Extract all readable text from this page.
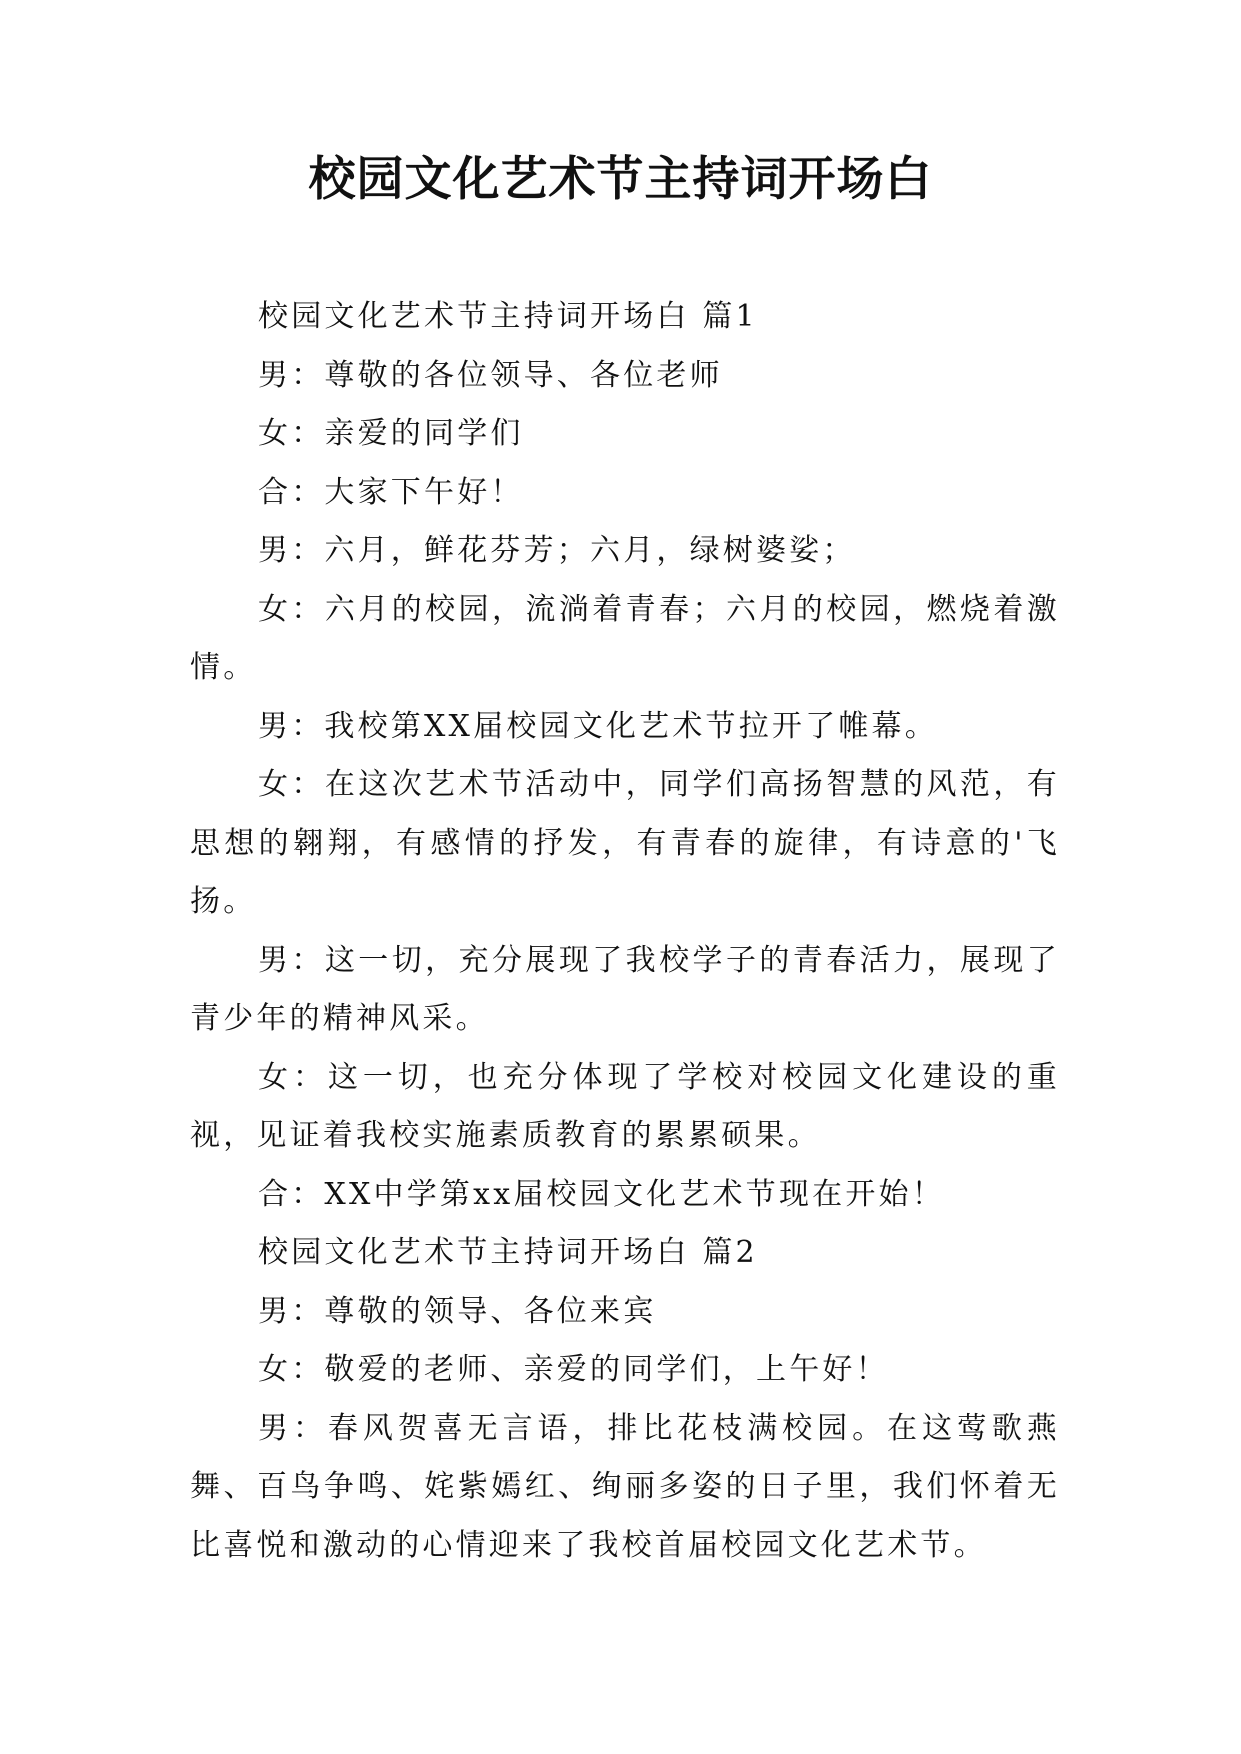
校园文化艺术节主持词开场白

校园文化艺术节主持词开场白 篇1

男：尊敬的各位领导、各位老师

女：亲爱的同学们

合：大家下午好！

男：六月，鲜花芬芳；六月，绿树婆娑；

女：六月的校园，流淌着青春；六月的校园，燃烧着激情。

男：我校第XX届校园文化艺术节拉开了帷幕。

女：在这次艺术节活动中，同学们高扬智慧的风范，有思想的翱翔，有感情的抒发，有青春的旋律，有诗意的'飞扬。

男：这一切，充分展现了我校学子的青春活力，展现了青少年的精神风采。

女：这一切，也充分体现了学校对校园文化建设的重视，见证着我校实施素质教育的累累硕果。

合：XX中学第xx届校园文化艺术节现在开始！

校园文化艺术节主持词开场白 篇2

男：尊敬的领导、各位来宾

女：敬爱的老师、亲爱的同学们，上午好！

男：春风贺喜无言语，排比花枝满校园。在这莺歌燕舞、百鸟争鸣、姹紫嫣红、绚丽多姿的日子里，我们怀着无比喜悦和激动的心情迎来了我校首届校园文化艺术节。
